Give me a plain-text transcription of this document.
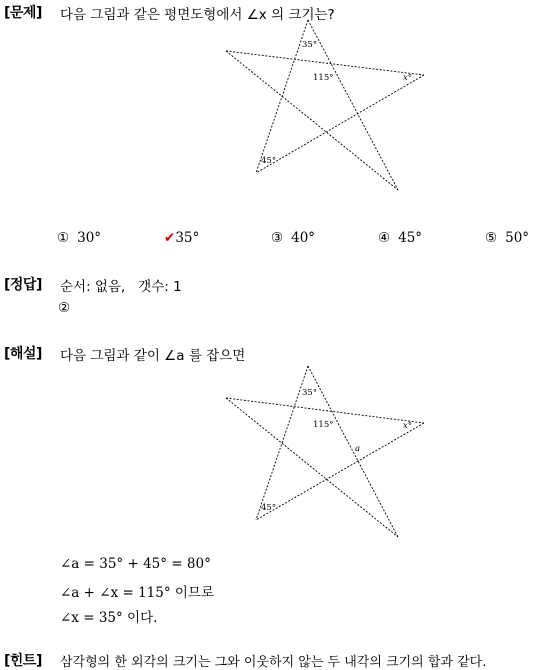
[문제] 다음 그림과 같은 평면도형에서 ∠x 의 크기는?
35°
115°	x°
45°
① 30°	✔35°	③ 40°	④ 45°	⑤ 50°
[정답] 순서: 없음,   갯수: 1
②
[해설] 다음 그림과 같이 ∠a 를 잡으면
35°
115°	x°
a
45°
∠a = 35° + 45° = 80°
∠a + ∠x = 115° 이므로
∠x = 35° 이다.
[힌트] 삼각형의 한 외각의 크기는 그와 이웃하지 않는 두 내각의 크기의 합과 같다.
